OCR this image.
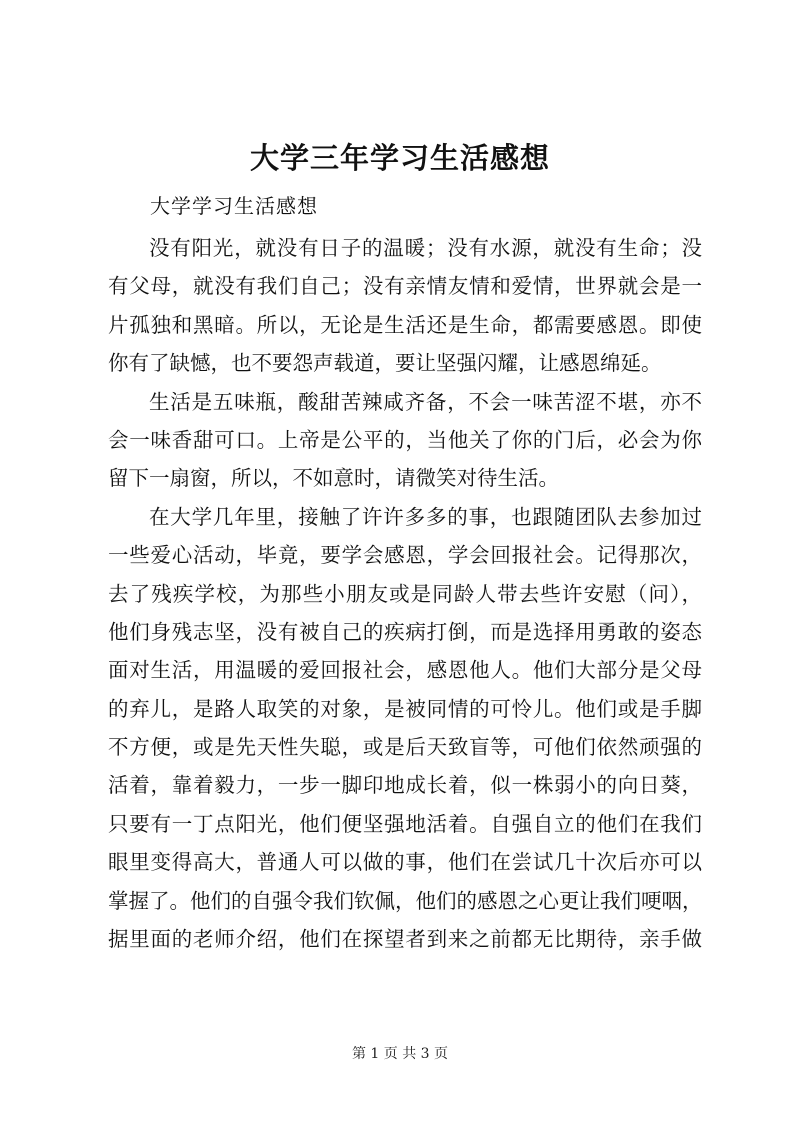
大学三年学习生活感想
大学学习生活感想
没有阳光，就没有日子的温暖；没有水源，就没有生命；没
有父母，就没有我们自己；没有亲情友情和爱情，世界就会是一
片孤独和黑暗。所以，无论是生活还是生命，都需要感恩。即使
你有了缺憾，也不要怨声载道，要让坚强闪耀，让感恩绵延。
生活是五味瓶，酸甜苦辣咸齐备，不会一味苦涩不堪，亦不
会一味香甜可口。上帝是公平的，当他关了你的门后，必会为你
留下一扇窗，所以，不如意时，请微笑对待生活。
在大学几年里，接触了许许多多的事，也跟随团队去参加过
一些爱心活动，毕竟，要学会感恩，学会回报社会。记得那次，
去了残疾学校，为那些小朋友或是同龄人带去些许安慰（问），
他们身残志坚，没有被自己的疾病打倒，而是选择用勇敢的姿态
面对生活，用温暖的爱回报社会，感恩他人。他们大部分是父母
的弃儿，是路人取笑的对象，是被同情的可怜儿。他们或是手脚
不方便，或是先天性失聪，或是后天致盲等，可他们依然顽强的
活着，靠着毅力，一步一脚印地成长着，似一株弱小的向日葵，
只要有一丁点阳光，他们便坚强地活着。自强自立的他们在我们
眼里变得高大，普通人可以做的事，他们在尝试几十次后亦可以
掌握了。他们的自强令我们钦佩，他们的感恩之心更让我们哽咽，
据里面的老师介绍，他们在探望者到来之前都无比期待，亲手做
第 1 页 共 3 页
